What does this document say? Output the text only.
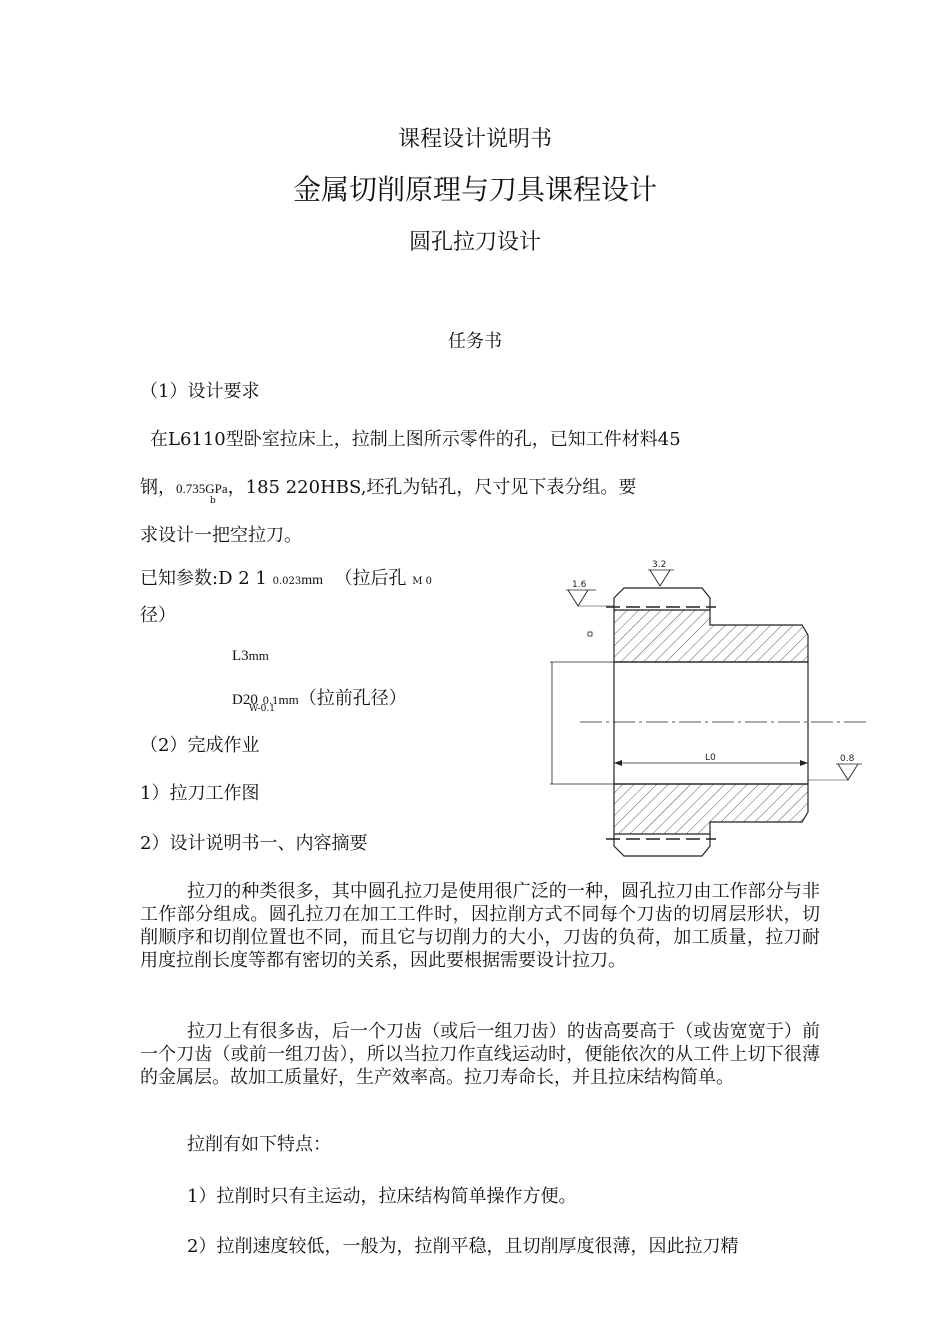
课程设计说明书
金属切削原理与刀具课程设计
圆孔拉刀设计
任务书
（1）设计要求
在L6110型卧室拉床上，拉制上图所示零件的孔，已知工件材料45
钢，0.735GPa，185 220HBS,坯孔为钻孔，尺寸见下表分组。要
b
求设计一把空拉刀。
已知参数:D 2 1 0.023mm （拉后孔 M 0
径）
L3mm
D20 0.1mm（拉前孔径）
W-0.1
（2）完成作业
1）拉刀工作图
2）设计说明书一、内容摘要
L0
1.6
3.2
0.8
拉刀的种类很多，其中圆孔拉刀是使用很广泛的一种，圆孔拉刀由工作部分与非工作部分组成。圆孔拉刀在加工工件时，因拉削方式不同每个刀齿的切屑层形状，切削顺序和切削位置也不同，而且它与切削力的大小，刀齿的负荷，加工质量，拉刀耐用度拉削长度等都有密切的关系，因此要根据需要设计拉刀。
拉刀上有很多齿，后一个刀齿（或后一组刀齿）的齿高要高于（或齿宽宽于）前一个刀齿（或前一组刀齿），所以当拉刀作直线运动时，便能依次的从工件上切下很薄的金属层。故加工质量好，生产效率高。拉刀寿命长，并且拉床结构简单。
拉削有如下特点：
1）拉削时只有主运动，拉床结构简单操作方便。
2）拉削速度较低，一般为，拉削平稳，且切削厚度很薄，因此拉刀精
